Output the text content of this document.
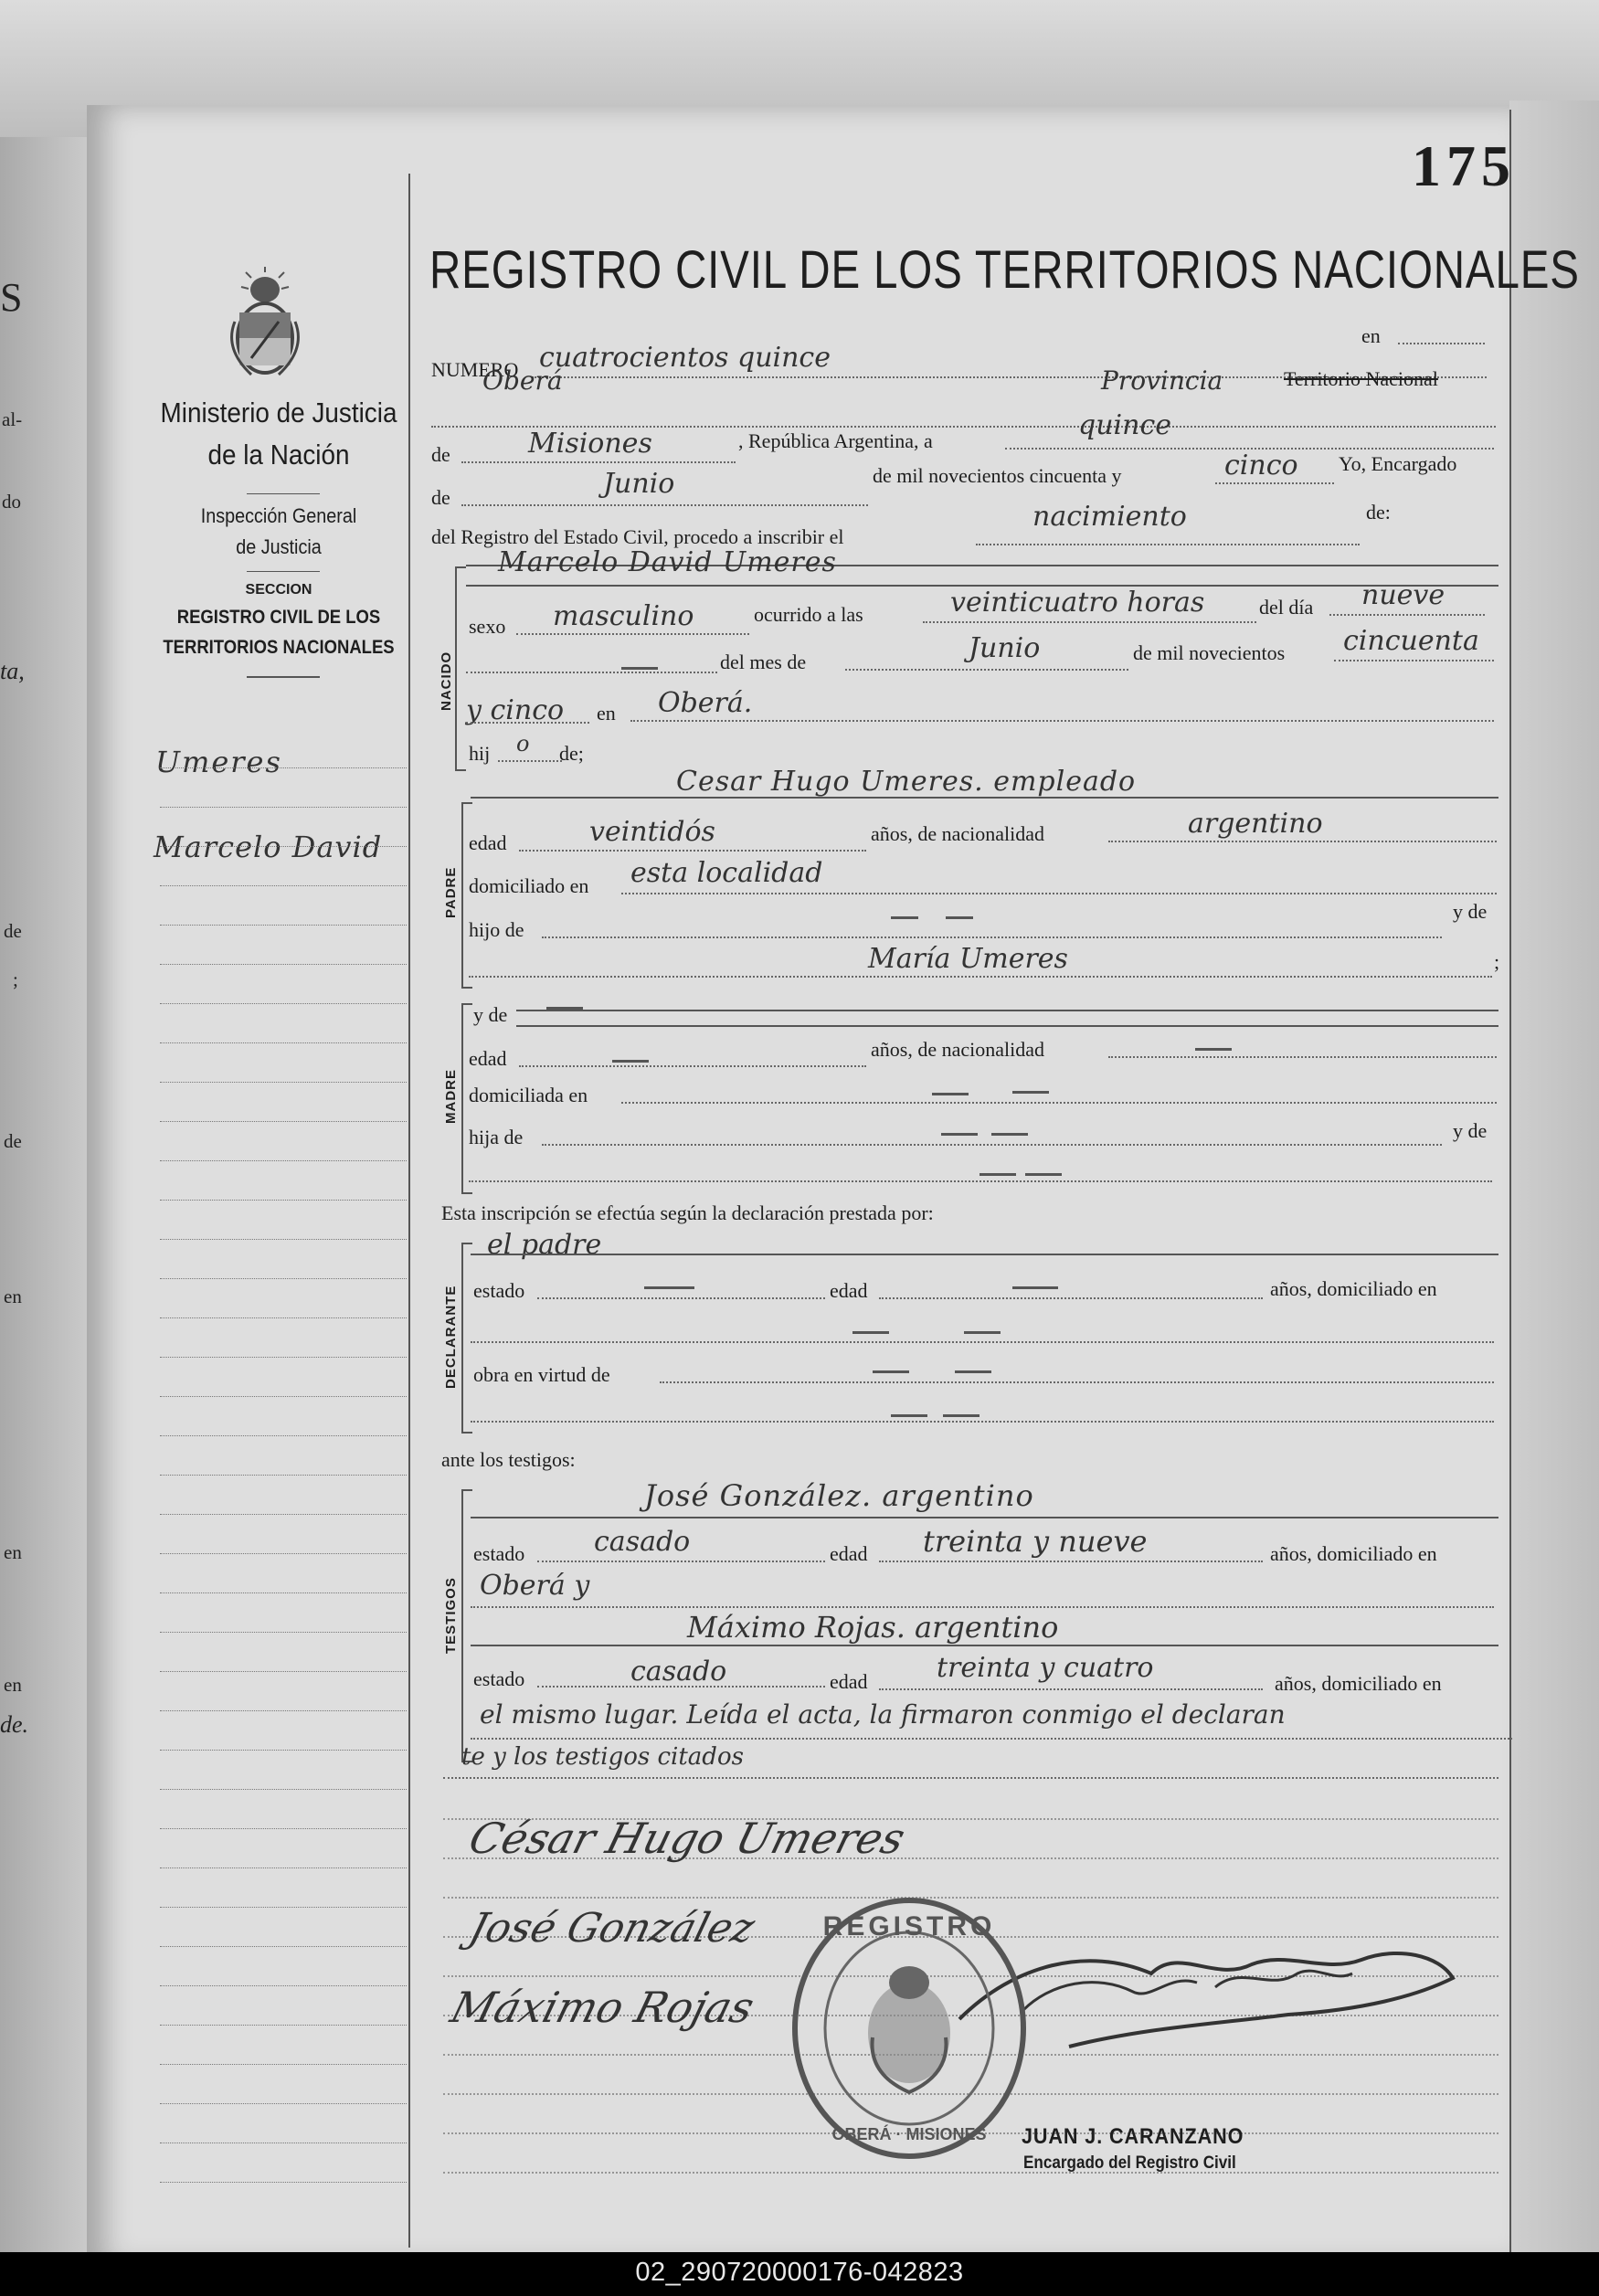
S
al-
do
ta,
de
;
de
en
en
en
de.
175
Ministerio de Justicia
de la Nación
Inspección General
de Justicia
SECCION
REGISTRO CIVIL DE LOS
TERRITORIOS NACIONALES
Umeres
Marcelo David
REGISTRO CIVIL DE LOS TERRITORIOS NACIONALES
NUMERO cuatrocientos quince
en
Oberá	Provincia	Territorio Nacional
de	Misiones	, República Argentina, a	quince
de	Junio	de mil novecientos cincuenta y	cinco Yo, Encargado
del Registro del Estado Civil, procedo a inscribir el
nacimiento	de:
NACIDO
Marcelo David Umeres
sexo masculino	ocurrido a las	veinticuatro horas	del día nueve
del mes de	Junio	de mil novecientos cincuenta
y cinco en Oberá.
hij o de;
PADRE
Cesar Hugo Umeres. empleado
edad	veintidós	años, de nacionalidad	argentino
domiciliado en esta localidad
hijo de
y de
María Umeres	;
MADRE
y de
edad	años, de nacionalidad
domiciliada en
hija de	y de
Esta inscripción se efectúa según la declaración prestada por:
DECLARANTE
el padre
estado	edad	años, domiciliado en
obra en virtud de
ante los testigos:
TESTIGOS
José González. argentino
estado	casado	edad treinta y nueve	años, domiciliado en
Oberá y
Máximo Rojas. argentino
estado	casado	edad	treinta y cuatro	años, domiciliado en
el mismo lugar. Leída el acta, la firmaron conmigo el declaran
te y los testigos citados
César Hugo Umeres
José González
Máximo Rojas
REGISTRO
OBERÁ · MISIONES JUAN J. CARANZANO
Encargado del Registro Civil
02_290720000176-042823
